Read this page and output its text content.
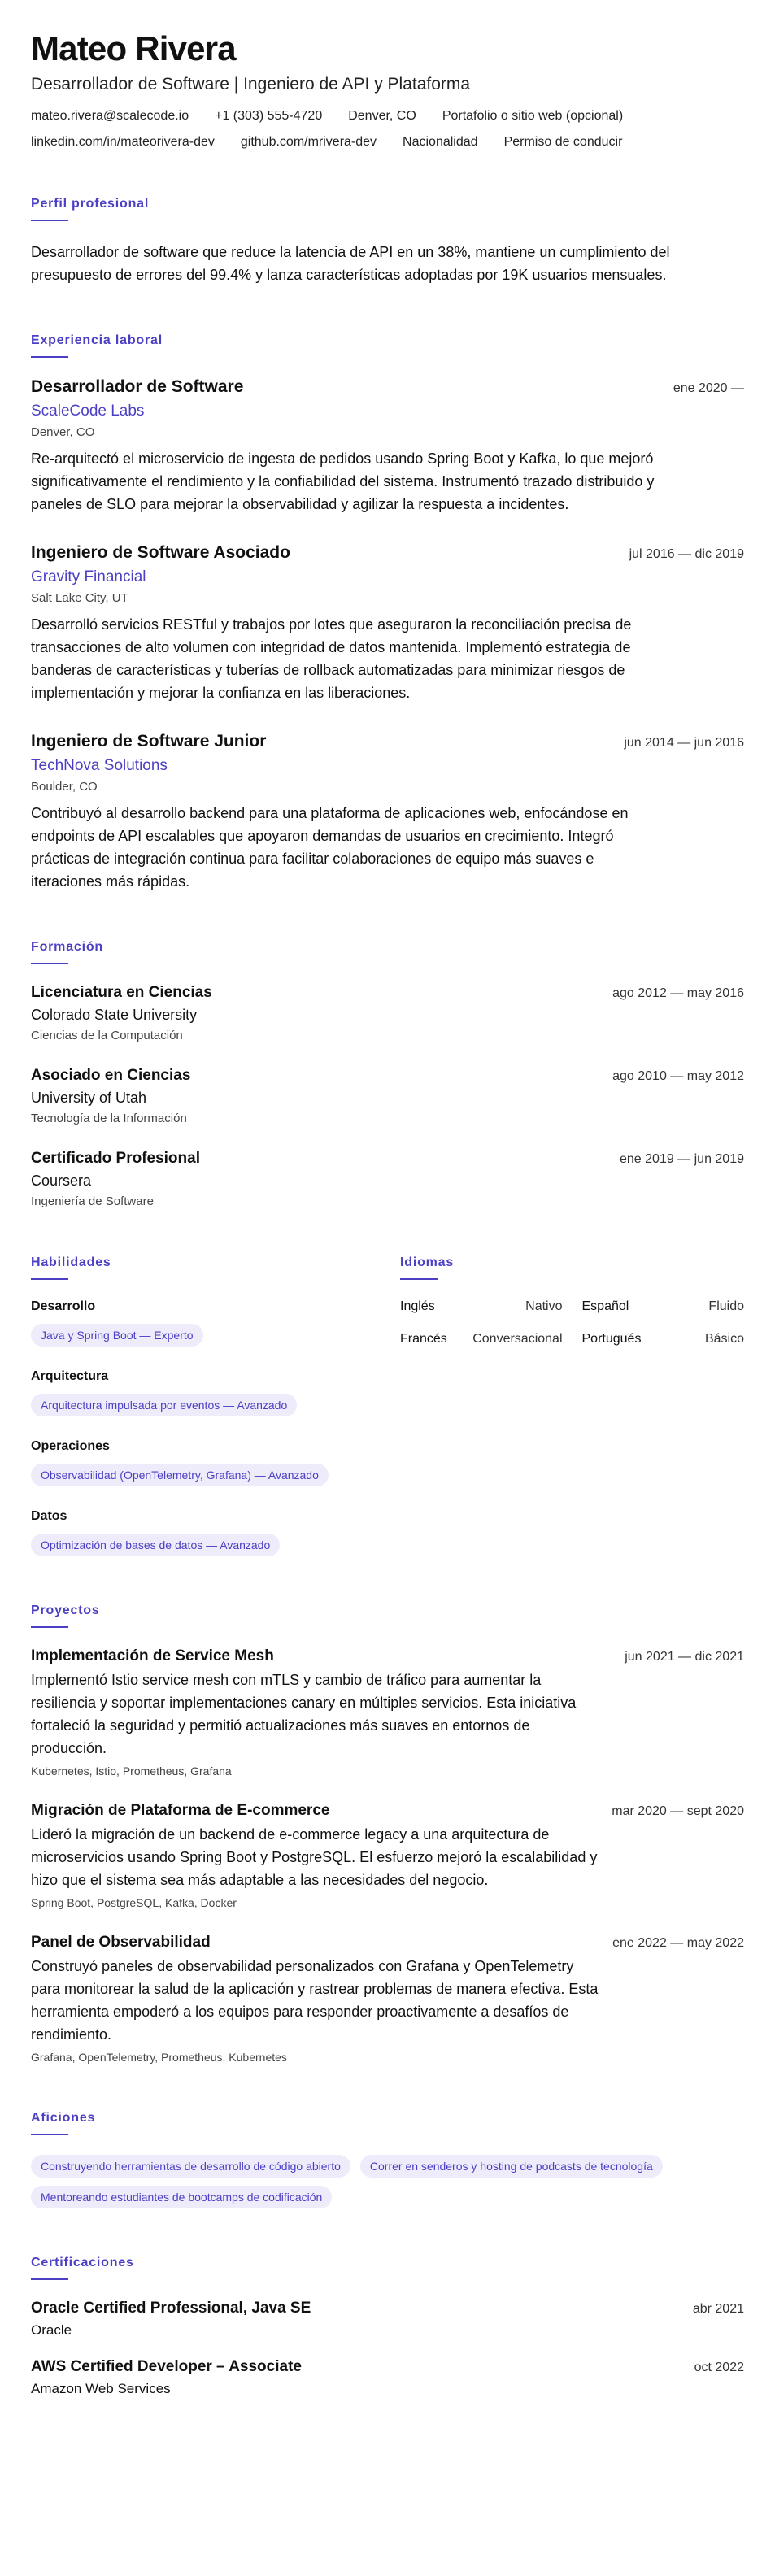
Mateo Rivera
Desarrollador de Software | Ingeniero de API y Plataforma
mateo.rivera@scalecode.io +1 (303) 555-4720 Denver, CO Portafolio o sitio web (opcional)
linkedin.com/in/mateorivera-dev github.com/mrivera-dev Nacionalidad Permiso de conducir
Perfil profesional

Desarrollador de software que reduce la latencia de API en un 38%, mantiene un cumplimiento del presupuesto de errores del 99.4% y lanza características adoptadas por 19K usuarios mensuales.

Experiencia laboral
Desarrollador de Software	ene 2020 —
ScaleCode Labs
Denver, CO

Re-arquitectó el microservicio de ingesta de pedidos usando Spring Boot y Kafka, lo que mejoró significativamente el rendimiento y la confiabilidad del sistema. Instrumentó trazado distribuido y paneles de SLO para mejorar la observabilidad y agilizar la respuesta a incidentes.

Ingeniero de Software Asociado	jul 2016 — dic 2019
Gravity Financial
Salt Lake City, UT

Desarrolló servicios RESTful y trabajos por lotes que aseguraron la reconciliación precisa de transacciones de alto volumen con integridad de datos mantenida. Implementó estrategia de banderas de características y tuberías de rollback automatizadas para minimizar riesgos de implementación y mejorar la confianza en las liberaciones.

Ingeniero de Software Junior	jun 2014 — jun 2016
TechNova Solutions
Boulder, CO

Contribuyó al desarrollo backend para una plataforma de aplicaciones web, enfocándose en endpoints de API escalables que apoyaron demandas de usuarios en crecimiento. Integró prácticas de integración continua para facilitar colaboraciones de equipo más suaves e iteraciones más rápidas.

Formación
Licenciatura en Ciencias	ago 2012 — may 2016
Colorado State University
Ciencias de la Computación
Asociado en Ciencias	ago 2010 — may 2012
University of Utah
Tecnología de la Información
Certificado Profesional	ene 2019 — jun 2019
Coursera
Ingeniería de Software
Habilidades
Desarrollo
Java y Spring Boot — Experto
Arquitectura
Arquitectura impulsada por eventos — Avanzado
Operaciones
Observabilidad (OpenTelemetry, Grafana) — Avanzado
Datos
Optimización de bases de datos — Avanzado
Idiomas
Inglés	Nativo Español	Fluido
Francés Conversacional Portugués	Básico
Proyectos
Implementación de Service Mesh	jun 2021 — dic 2021

Implementó Istio service mesh con mTLS y cambio de tráfico para aumentar la resiliencia y soportar implementaciones canary en múltiples servicios. Esta iniciativa fortaleció la seguridad y permitió actualizaciones más suaves en entornos de producción.

Kubernetes, Istio, Prometheus, Grafana
Migración de Plataforma de E-commerce	mar 2020 — sept 2020

Lideró la migración de un backend de e-commerce legacy a una arquitectura de microservicios usando Spring Boot y PostgreSQL. El esfuerzo mejoró la escalabilidad y hizo que el sistema sea más adaptable a las necesidades del negocio.

Spring Boot, PostgreSQL, Kafka, Docker
Panel de Observabilidad	ene 2022 — may 2022

Construyó paneles de observabilidad personalizados con Grafana y OpenTelemetry para monitorear la salud de la aplicación y rastrear problemas de manera efectiva. Esta herramienta empoderó a los equipos para responder proactivamente a desafíos de rendimiento.

Grafana, OpenTelemetry, Prometheus, Kubernetes
Aficiones
Construyendo herramientas de desarrollo de código abierto	Correr en senderos y hosting de podcasts de tecnología
Mentoreando estudiantes de bootcamps de codificación
Certificaciones
Oracle Certified Professional, Java SE	abr 2021
Oracle
AWS Certified Developer – Associate	oct 2022
Amazon Web Services
